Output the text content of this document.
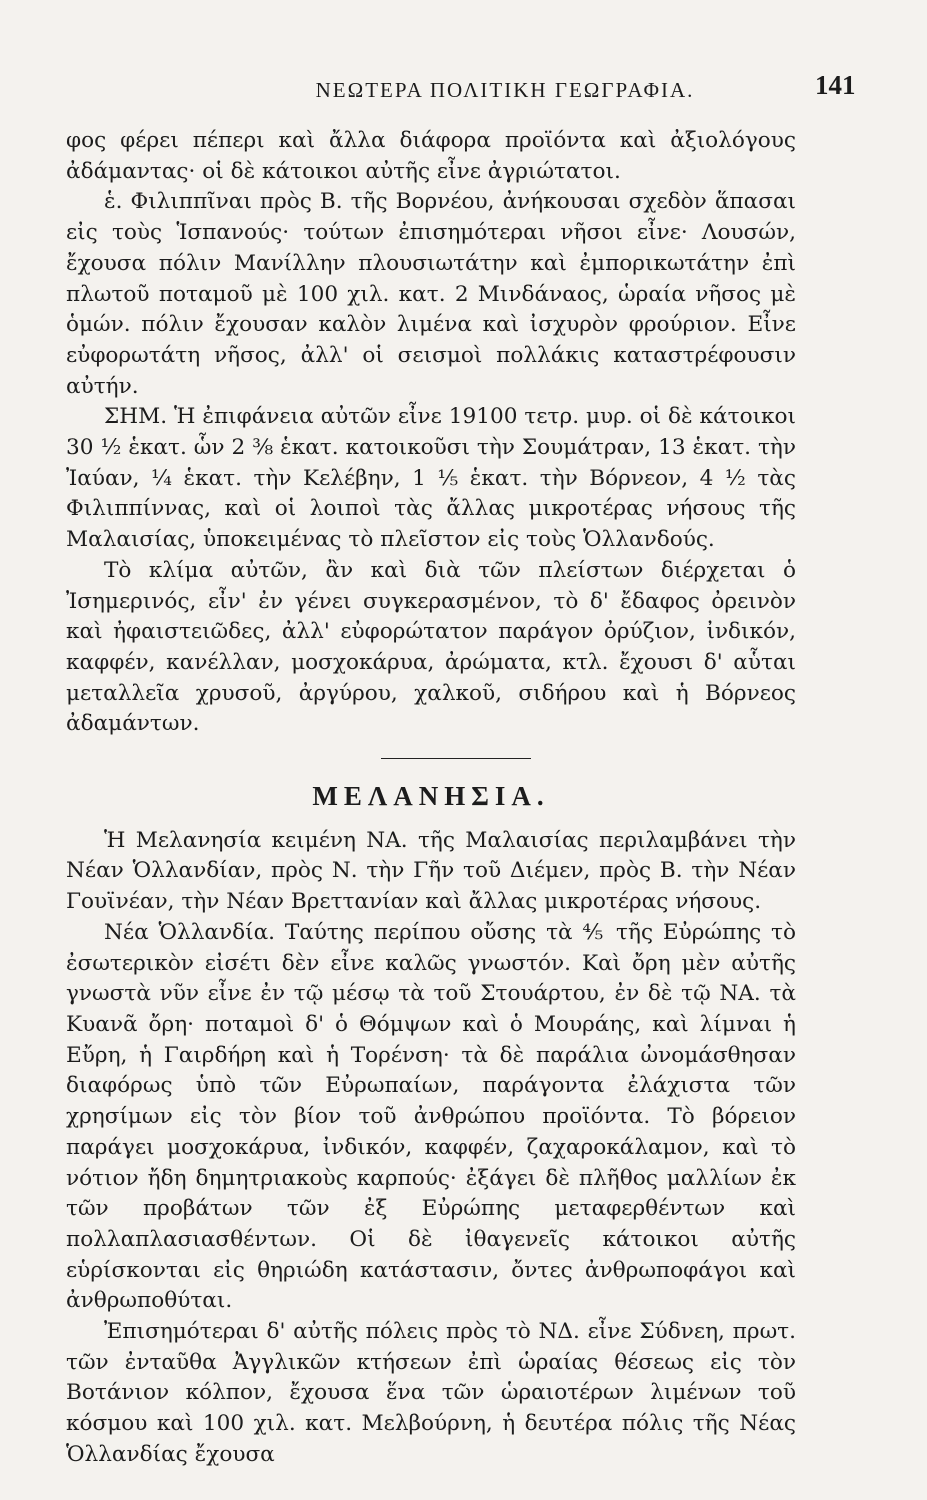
ΝΕΩΤΕΡΑ ΠΟΛΙΤΙΚΗ ΓΕΩΓΡΑΦΙΑ.	141

φος φέρει πέπερι καὶ ἄλλα διάφορα προϊόντα καὶ ἀξιολόγους ἀδάμαντας· οἱ δὲ κάτοικοι αὐτῆς εἶνε ἀγριώτατοι.

ἑ. Φιλιππῖναι πρὸς Β. τῆς Βορνέου, ἀνήκουσαι σχεδὸν ἅπασαι εἰς τοὺς Ἱσπανούς· τούτων ἐπισημότεραι νῆσοι εἶνε· Λουσών, ἔχουσα πόλιν Μανίλλην πλουσιωτάτην καὶ ἐμπορικωτάτην ἐπὶ πλωτοῦ ποταμοῦ μὲ 100 χιλ. κατ. 2 Μινδάναος, ὡραία νῆσος μὲ ὁμών. πόλιν ἔχουσαν καλὸν λιμένα καὶ ἰσχυρὸν φρούριον. Εἶνε εὐφορωτάτη νῆσος, ἀλλ' οἱ σεισμοὶ πολλάκις καταστρέφουσιν αὐτήν.

ΣΗΜ. Ἡ ἐπιφάνεια αὐτῶν εἶνε 19100 τετρ. μυρ. οἱ δὲ κάτοικοι 30 ½ ἑκατ. ὧν 2 ⅜ ἑκατ. κατοικοῦσι τὴν Σουμάτραν, 13 ἑκατ. τὴν Ἰαύαν, ¼ ἑκατ. τὴν Κελέβην, 1 ⅕ ἑκατ. τὴν Βόρνεον, 4 ½ τὰς Φιλιππίννας, καὶ οἱ λοιποὶ τὰς ἄλλας μικροτέρας νήσους τῆς Μαλαισίας, ὑποκειμένας τὸ πλεῖστον εἰς τοὺς Ὁλλανδούς.

Τὸ κλίμα αὐτῶν, ἂν καὶ διὰ τῶν πλείστων διέρχεται ὁ Ἰσημερινός, εἶν' ἐν γένει συγκερασμένον, τὸ δ' ἔδαφος ὀρεινὸν καὶ ἠφαιστειῶδες, ἀλλ' εὐφορώτατον παράγον ὀρύζιον, ἰνδικόν, καφφέν, κανέλλαν, μοσχοκάρυα, ἀρώματα, κτλ. ἔχουσι δ' αὗται μεταλλεῖα χρυσοῦ, ἀργύρου, χαλκοῦ, σιδήρου καὶ ἡ Βόρνεος ἀδαμάντων.

ΜΕΛΑΝΗΣΙΑ.

Ἡ Μελανησία κειμένη ΝΑ. τῆς Μαλαισίας περιλαμβάνει τὴν Νέαν Ὁλλανδίαν, πρὸς Ν. τὴν Γῆν τοῦ Διέμεν, πρὸς Β. τὴν Νέαν Γουϊνέαν, τὴν Νέαν Βρεττανίαν καὶ ἄλλας μικροτέρας νήσους.

Νέα Ὁλλανδία. Ταύτης περίπου οὔσης τὰ ⅘ τῆς Εὐρώπης τὸ ἐσωτερικὸν εἰσέτι δὲν εἶνε καλῶς γνωστόν. Καὶ ὄρη μὲν αὐτῆς γνωστὰ νῦν εἶνε ἐν τῷ μέσῳ τὰ τοῦ Στουάρτου, ἐν δὲ τῷ ΝΑ. τὰ Κυανᾶ ὄρη· ποταμοὶ δ' ὁ Θόμψων καὶ ὁ Μουράης, καὶ λίμναι ἡ Εὔρη, ἡ Γαιρδήρη καὶ ἡ Τορένση· τὰ δὲ παράλια ὠνομάσθησαν διαφόρως ὑπὸ τῶν Εὐρωπαίων, παράγοντα ἐλάχιστα τῶν χρησίμων εἰς τὸν βίον τοῦ ἀνθρώπου προϊόντα. Τὸ βόρειον παράγει μοσχοκάρυα, ἰνδικόν, καφφέν, ζαχαροκάλαμον, καὶ τὸ νότιον ἤδη δημητριακοὺς καρπούς· ἐξάγει δὲ πλῆθος μαλλίων ἐκ τῶν προβάτων τῶν ἐξ Εὐρώπης μεταφερθέντων καὶ πολλαπλασιασθέντων. Οἱ δὲ ἰθαγενεῖς κάτοικοι αὐτῆς εὑρίσκονται εἰς θηριώδη κατάστασιν, ὄντες ἀνθρωποφάγοι καὶ ἀνθρωποθύται.

Ἐπισημότεραι δ' αὐτῆς πόλεις πρὸς τὸ ΝΔ. εἶνε Σύδνεη, πρωτ. τῶν ἐνταῦθα Ἀγγλικῶν κτήσεων ἐπὶ ὡραίας θέσεως εἰς τὸν Βοτάνιον κόλπον, ἔχουσα ἕνα τῶν ὡραιοτέρων λιμένων τοῦ κόσμου καὶ 100 χιλ. κατ. Μελβούρνη, ἡ δευτέρα πόλις τῆς Νέας Ὁλλανδίας ἔχουσα
